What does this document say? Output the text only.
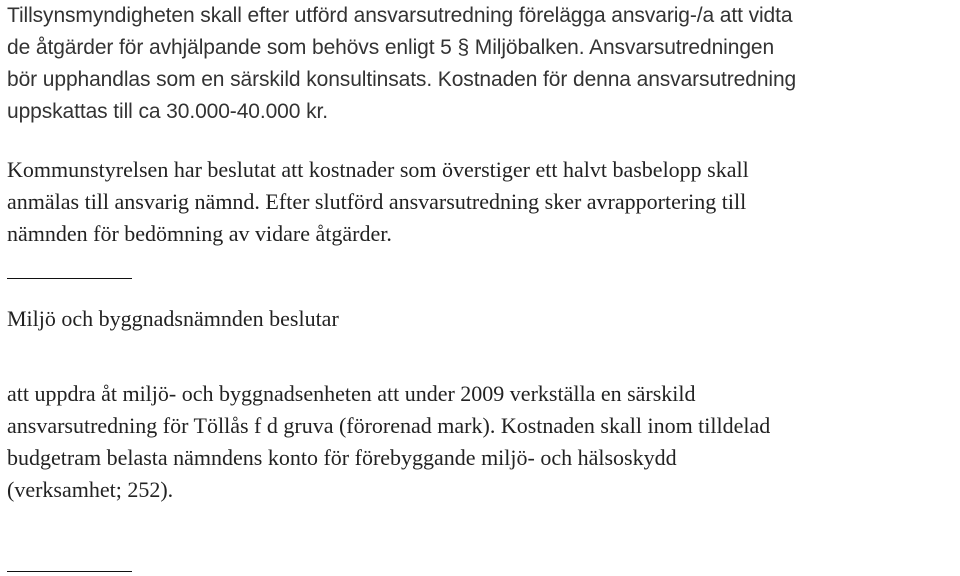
Tillsynsmyndigheten skall efter utförd ansvarsutredning förelägga ansvarig-/a att vidta
de åtgärder för avhjälpande som behövs enligt 5 § Miljöbalken. Ansvarsutredningen
bör upphandlas som en särskild konsultinsats. Kostnaden för denna ansvarsutredning
uppskattas till ca 30.000-40.000 kr.

Kommunstyrelsen har beslutat att kostnader som överstiger ett halvt basbelopp skall
anmälas till ansvarig nämnd. Efter slutförd ansvarsutredning sker avrapportering till
nämnden för bedömning av vidare åtgärder.

Miljö och byggnadsnämnden beslutar

att uppdra åt miljö- och byggnadsenheten att under 2009 verkställa en särskild
ansvarsutredning för Töllås f d gruva (förorenad mark). Kostnaden skall inom tilldelad
budgetram belasta nämndens konto för förebyggande miljö- och hälsoskydd
(verksamhet; 252).
